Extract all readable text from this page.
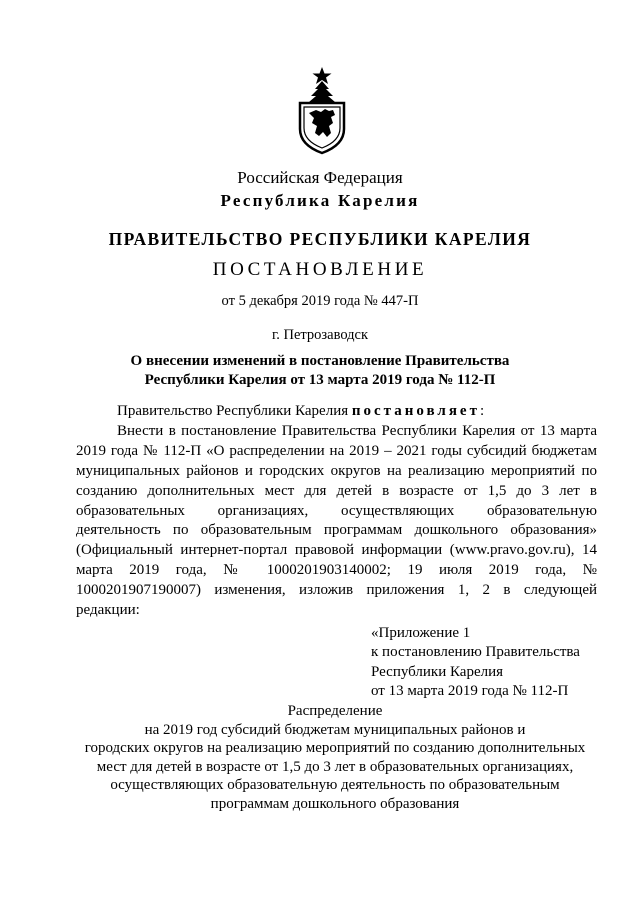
Российская Федерация
Республика Карелия
ПРАВИТЕЛЬСТВО РЕСПУБЛИКИ КАРЕЛИЯ
ПОСТАНОВЛЕНИЕ
от 5 декабря 2019 года № 447-П
г. Петрозаводск
О внесении изменений в постановление Правительства
Республики Карелия от 13 марта 2019 года № 112-П

Правительство Республики Карелия постановляет:

Внести в постановление Правительства Республики Карелия от 13 марта 2019 года № 112-П «О распределении на 2019 – 2021 годы субсидий бюджетам муниципальных районов и городских округов на реализацию мероприятий по созданию дополнительных мест для детей в возрасте от 1,5 до 3 лет в образовательных организациях, осуществляющих образовательную деятельность по образовательным программам дошкольного образования» (Официальный интернет-портал правовой информации (www.pravo.gov.ru), 14 марта 2019 года, № 1000201903140002; 19 июля 2019 года, № 1000201907190007) изменения, изложив приложения 1, 2 в следующей редакции:

«Приложение 1
к постановлению Правительства
Республики Карелия
от 13 марта 2019 года № 112-П
Распределение
на 2019 год субсидий бюджетам муниципальных районов и
городских округов на реализацию мероприятий по созданию дополнительных
мест для детей в возрасте от 1,5 до 3 лет в образовательных организациях,
осуществляющих образовательную деятельность по образовательным
программам дошкольного образования
